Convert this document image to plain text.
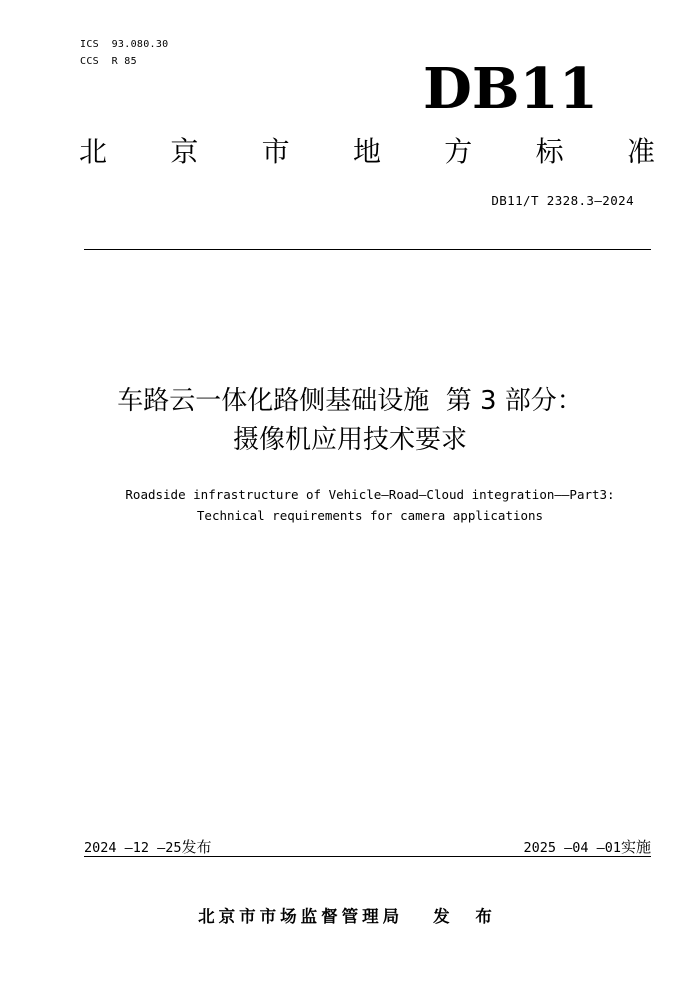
ICS  93.080.30
CCS  R 85	DB11
北 京 市 地 方 标 准
DB11/T 2328.3—2024
车路云一体化路侧基础设施  第 3 部分：
摄像机应用技术要求
Roadside infrastructure of Vehicle—Road—Cloud integration——Part3:
Technical requirements for camera applications
2024 —12 —25发布	2025 —04 —01实施
北京市市场监督管理局 发 布
